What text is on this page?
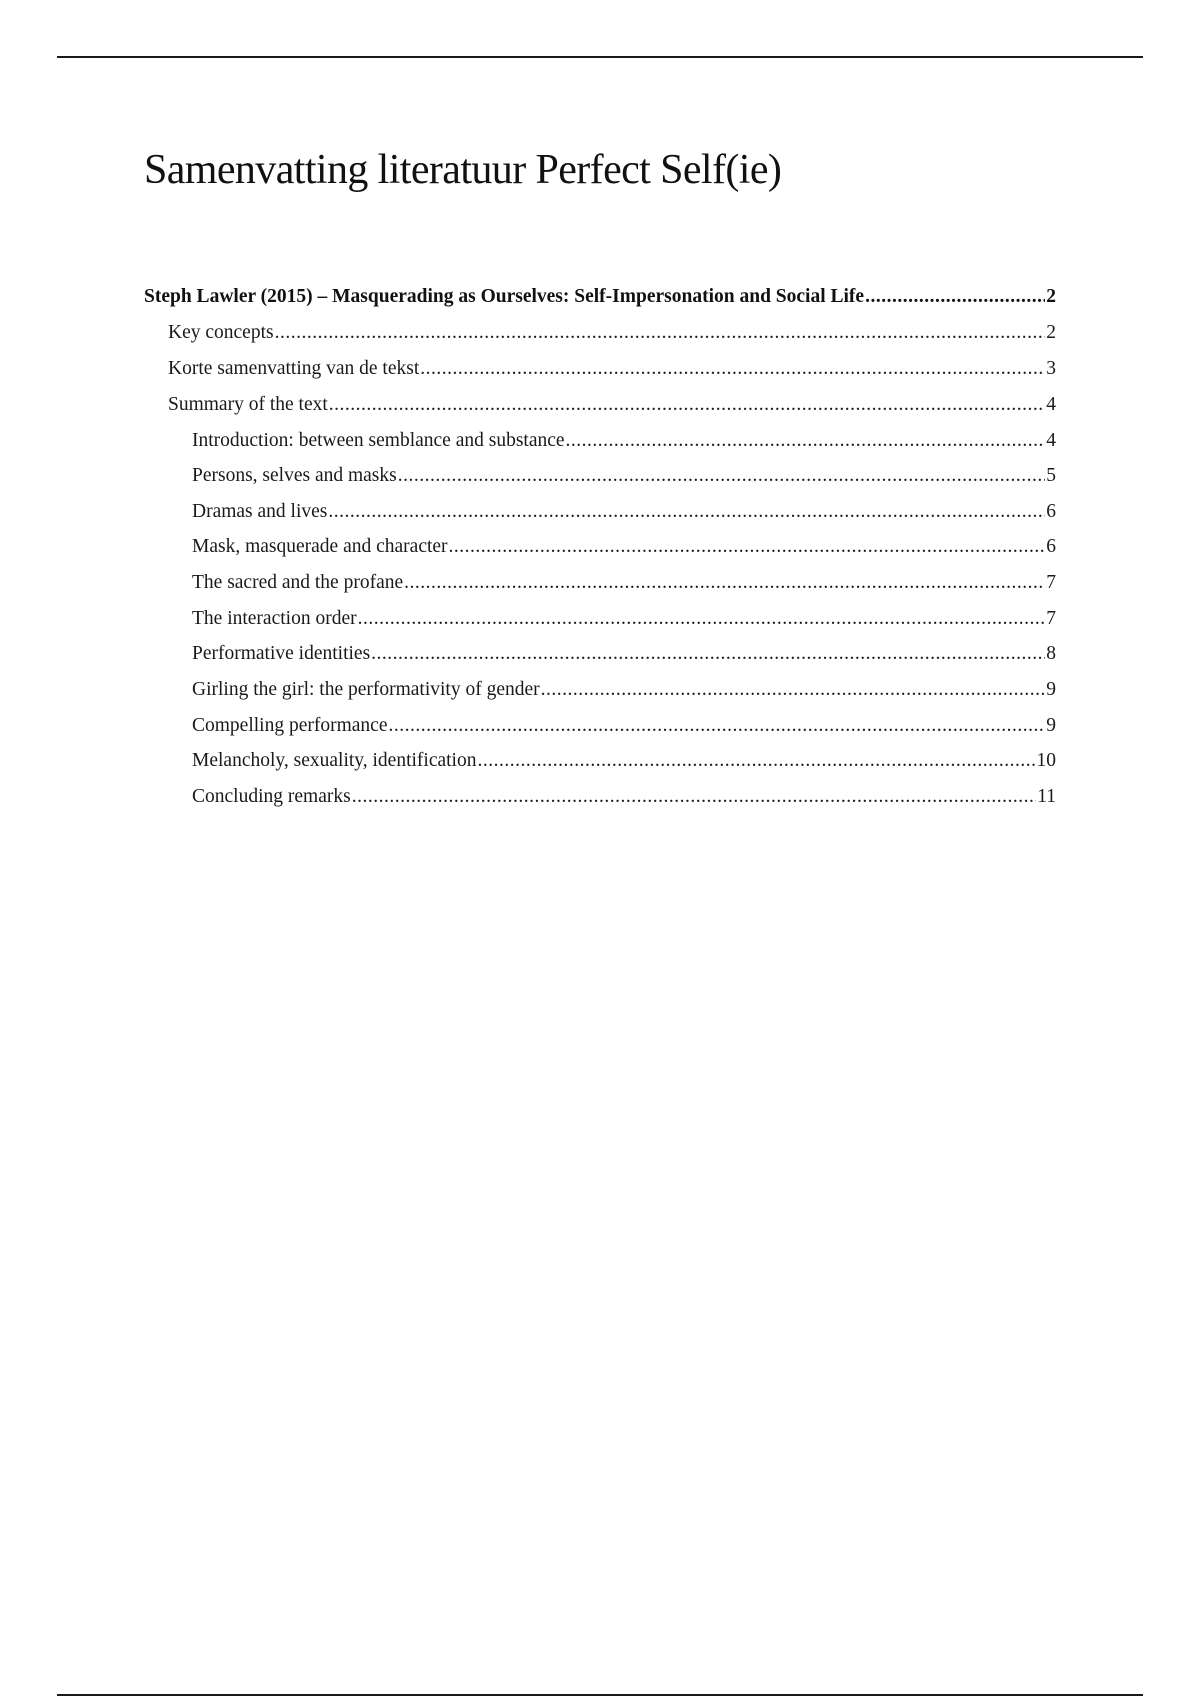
Samenvatting literatuur Perfect Self(ie)
Steph Lawler (2015) – Masquerading as Ourselves: Self-Impersonation and Social Life .....	2
Key concepts .....	2
Korte samenvatting van de tekst .....	3
Summary of the text .....	4
Introduction: between semblance and substance .....	4
Persons, selves and masks .....	5
Dramas and lives .....	6
Mask, masquerade and character .....	6
The sacred and the profane .....	7
The interaction order .....	7
Performative identities .....	8
Girling the girl: the performativity of gender .....	9
Compelling performance .....	9
Melancholy, sexuality, identification .....	10
Concluding remarks .....	11
